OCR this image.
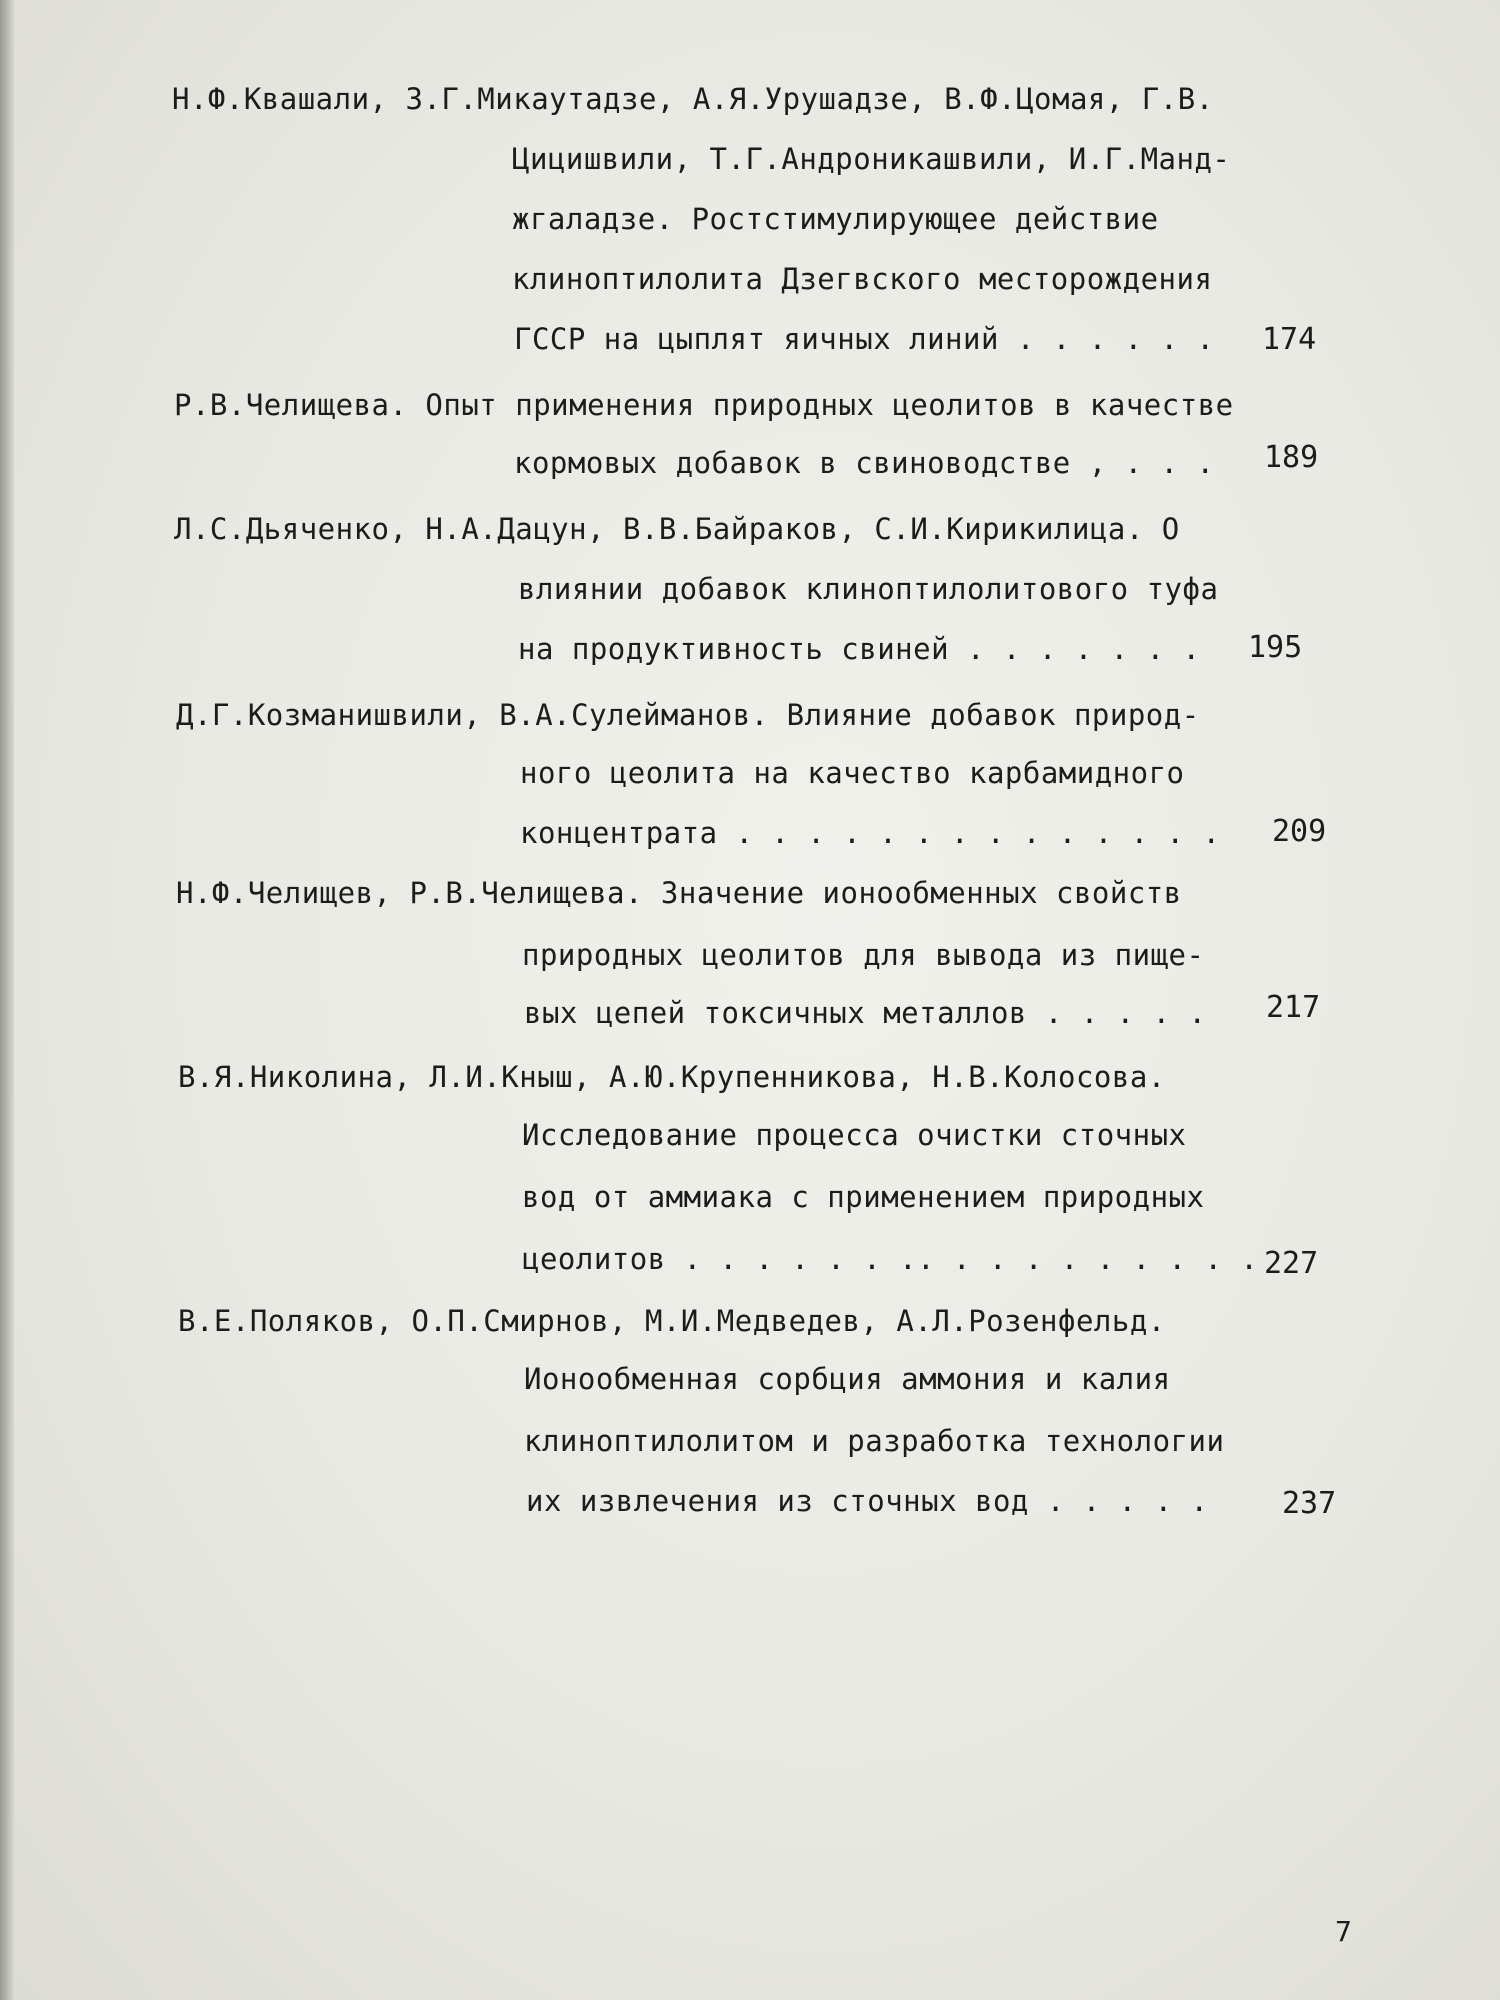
Н.Ф.Квашали, З.Г.Микаутадзе, А.Я.Урушадзе, В.Ф.Цомая, Г.В.
Цицишвили, Т.Г.Андроникашвили, И.Г.Манд-
жгаладзе. Ростстимулирующее действие
клиноптилолита Дзегвского месторождения
ГССР на цыплят яичных линий . . . . . . 174
Р.В.Челищева. Опыт применения природных цеолитов в качестве
кормовых добавок в свиноводстве , . . . 189
Л.С.Дьяченко, Н.А.Дацун, В.В.Байраков, С.И.Кирикилица. О
влиянии добавок клиноптилолитового туфа
на продуктивность свиней . . . . . . . 195
Д.Г.Козманишвили, В.А.Сулейманов. Влияние добавок природ-
ного цеолита на качество карбамидного
концентрата . . . . . . . . . . . . . . 209
Н.Ф.Челищев, Р.В.Челищева. Значение ионообменных свойств
природных цеолитов для вывода из пище-
вых цепей токсичных металлов . . . . . 217
В.Я.Николина, Л.И.Кныш, А.Ю.Крупенникова, Н.В.Колосова.
Исследование процесса очистки сточных
вод от аммиака с применением природных
цеолитов . . . . . . .. . . . . . . . . . 227
В.Е.Поляков, О.П.Смирнов, М.И.Медведев, А.Л.Розенфельд.
Ионообменная сорбция аммония и калия
клиноптилолитом и разработка технологии
их извлечения из сточных вод . . . . . 237
7
